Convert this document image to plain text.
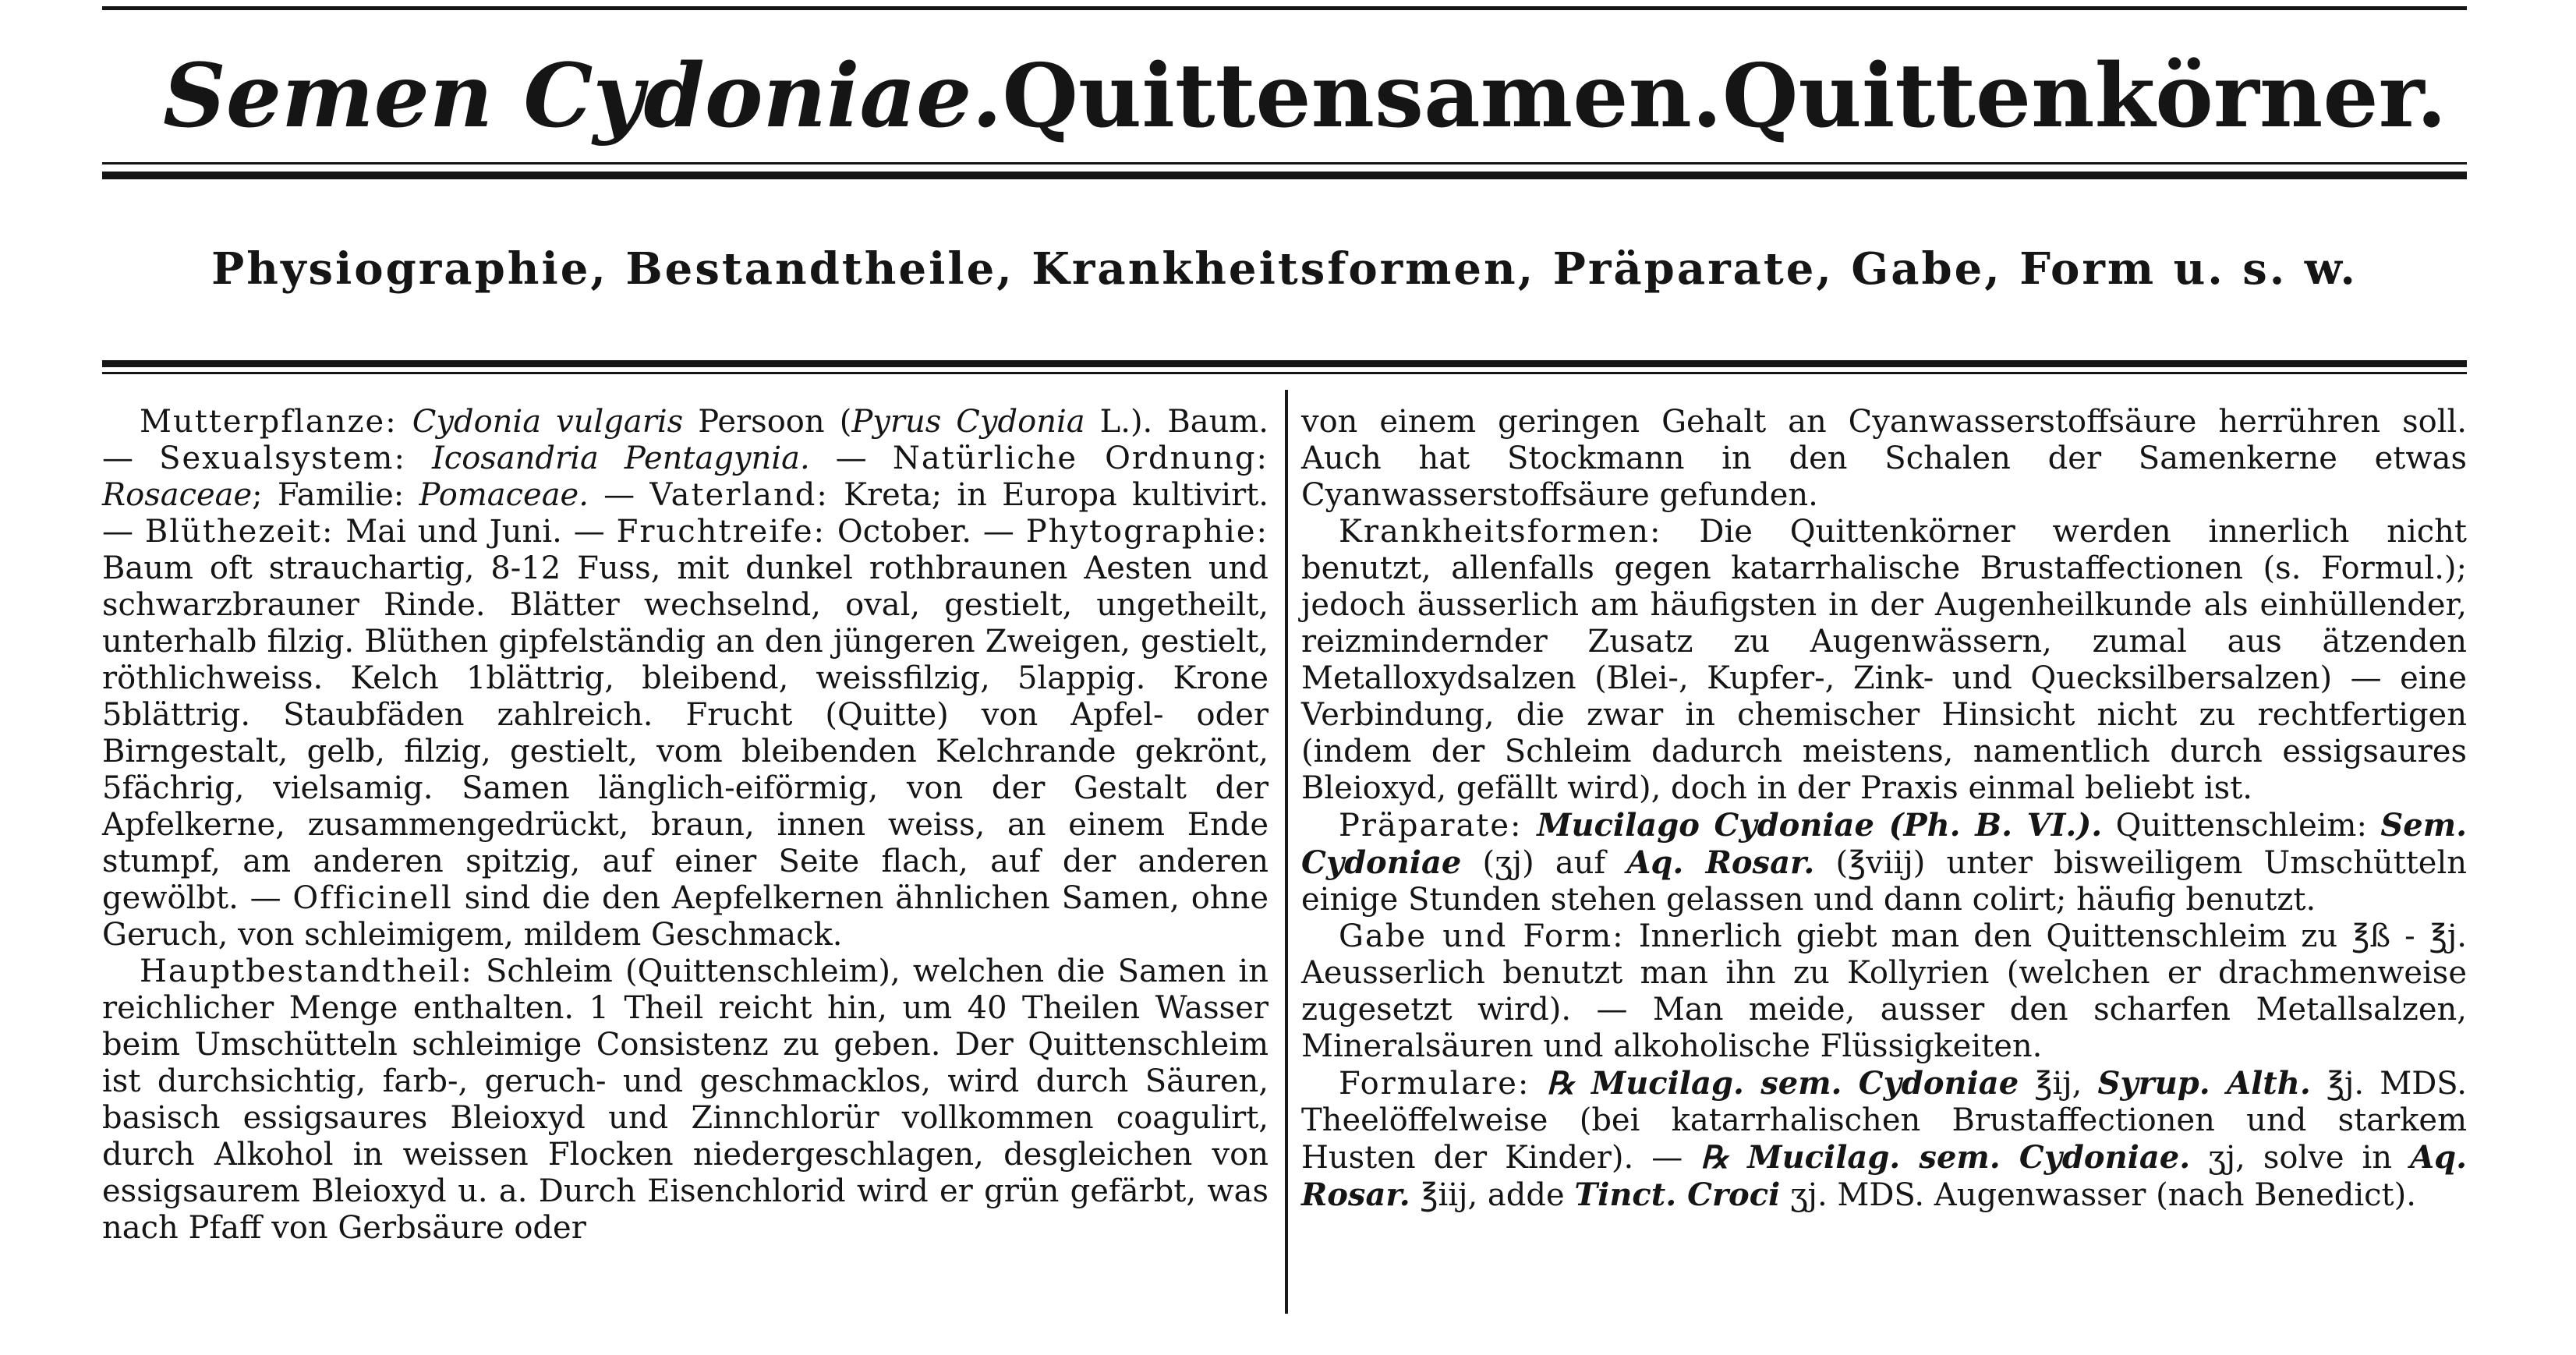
Semen Cydoniae. Quittensamen. Quittenkörner.
Physiographie, Bestandtheile, Krankheitsformen, Präparate, Gabe, Form u. s. w.

Mutterpflanze: Cydonia vulgaris Persoon (Pyrus Cydonia L.). Baum. — Sexualsystem: Icosandria Pentagynia. — Natürliche Ordnung: Rosaceae; Familie: Pomaceae. — Vaterland: Kreta; in Europa kultivirt. — Blüthezeit: Mai und Juni. — Fruchtreife: October. — Phytographie: Baum oft strauchartig, 8-12 Fuss, mit dunkel rothbraunen Aesten und schwarzbrauner Rinde. Blätter wechselnd, oval, gestielt, ungetheilt, unterhalb filzig. Blüthen gipfelständig an den jüngeren Zweigen, gestielt, röthlichweiss. Kelch 1blättrig, bleibend, weissfilzig, 5lappig. Krone 5blättrig. Staubfäden zahlreich. Frucht (Quitte) von Apfel- oder Birngestalt, gelb, filzig, gestielt, vom bleibenden Kelchrande gekrönt, 5fächrig, vielsamig. Samen länglich-eiförmig, von der Gestalt der Apfelkerne, zusammengedrückt, braun, innen weiss, an einem Ende stumpf, am anderen spitzig, auf einer Seite flach, auf der anderen gewölbt. — Officinell sind die den Aepfelkernen ähnlichen Samen, ohne Geruch, von schleimigem, mildem Geschmack.

Hauptbestandtheil: Schleim (Quittenschleim), welchen die Samen in reichlicher Menge enthalten. 1 Theil reicht hin, um 40 Theilen Wasser beim Umschütteln schleimige Consistenz zu geben. Der Quittenschleim ist durchsichtig, farb-, geruch- und geschmacklos, wird durch Säuren, basisch essigsaures Bleioxyd und Zinnchlorür vollkommen coagulirt, durch Alkohol in weissen Flocken niedergeschlagen, desgleichen von essigsaurem Bleioxyd u. a. Durch Eisenchlorid wird er grün gefärbt, was nach Pfaff von Gerbsäure oder

von einem geringen Gehalt an Cyanwasserstoffsäure herrühren soll. Auch hat Stockmann in den Schalen der Samenkerne etwas Cyanwasserstoffsäure gefunden.

Krankheitsformen: Die Quittenkörner werden innerlich nicht benutzt, allenfalls gegen katarrhalische Brustaffectionen (s. Formul.); jedoch äusserlich am häufigsten in der Augenheilkunde als einhüllender, reizmindernder Zusatz zu Augenwässern, zumal aus ätzenden Metalloxydsalzen (Blei-, Kupfer-, Zink- und Quecksilbersalzen) — eine Verbindung, die zwar in chemischer Hinsicht nicht zu rechtfertigen (indem der Schleim dadurch meistens, namentlich durch essigsaures Bleioxyd, gefällt wird), doch in der Praxis einmal beliebt ist.

Präparate: Mucilago Cydoniae (Ph. B. VI.). Quittenschleim: Sem. Cydoniae (ʒj) auf Aq. Rosar. (℥viij) unter bisweiligem Umschütteln einige Stunden stehen gelassen und dann colirt; häufig benutzt.

Gabe und Form: Innerlich giebt man den Quittenschleim zu ℥ß - ℥j. Aeusserlich benutzt man ihn zu Kollyrien (welchen er drachmenweise zugesetzt wird). — Man meide, ausser den scharfen Metallsalzen, Mineralsäuren und alkoholische Flüssigkeiten.

Formulare: ℞ Mucilag. sem. Cydoniae ℥ij, Syrup. Alth. ℥j. MDS. Theelöffelweise (bei katarrhalischen Brustaffectionen und starkem Husten der Kinder). — ℞ Mucilag. sem. Cydoniae. ʒj, solve in Aq. Rosar. ℥iij, adde Tinct. Croci ʒj. MDS. Augenwasser (nach Benedict).
